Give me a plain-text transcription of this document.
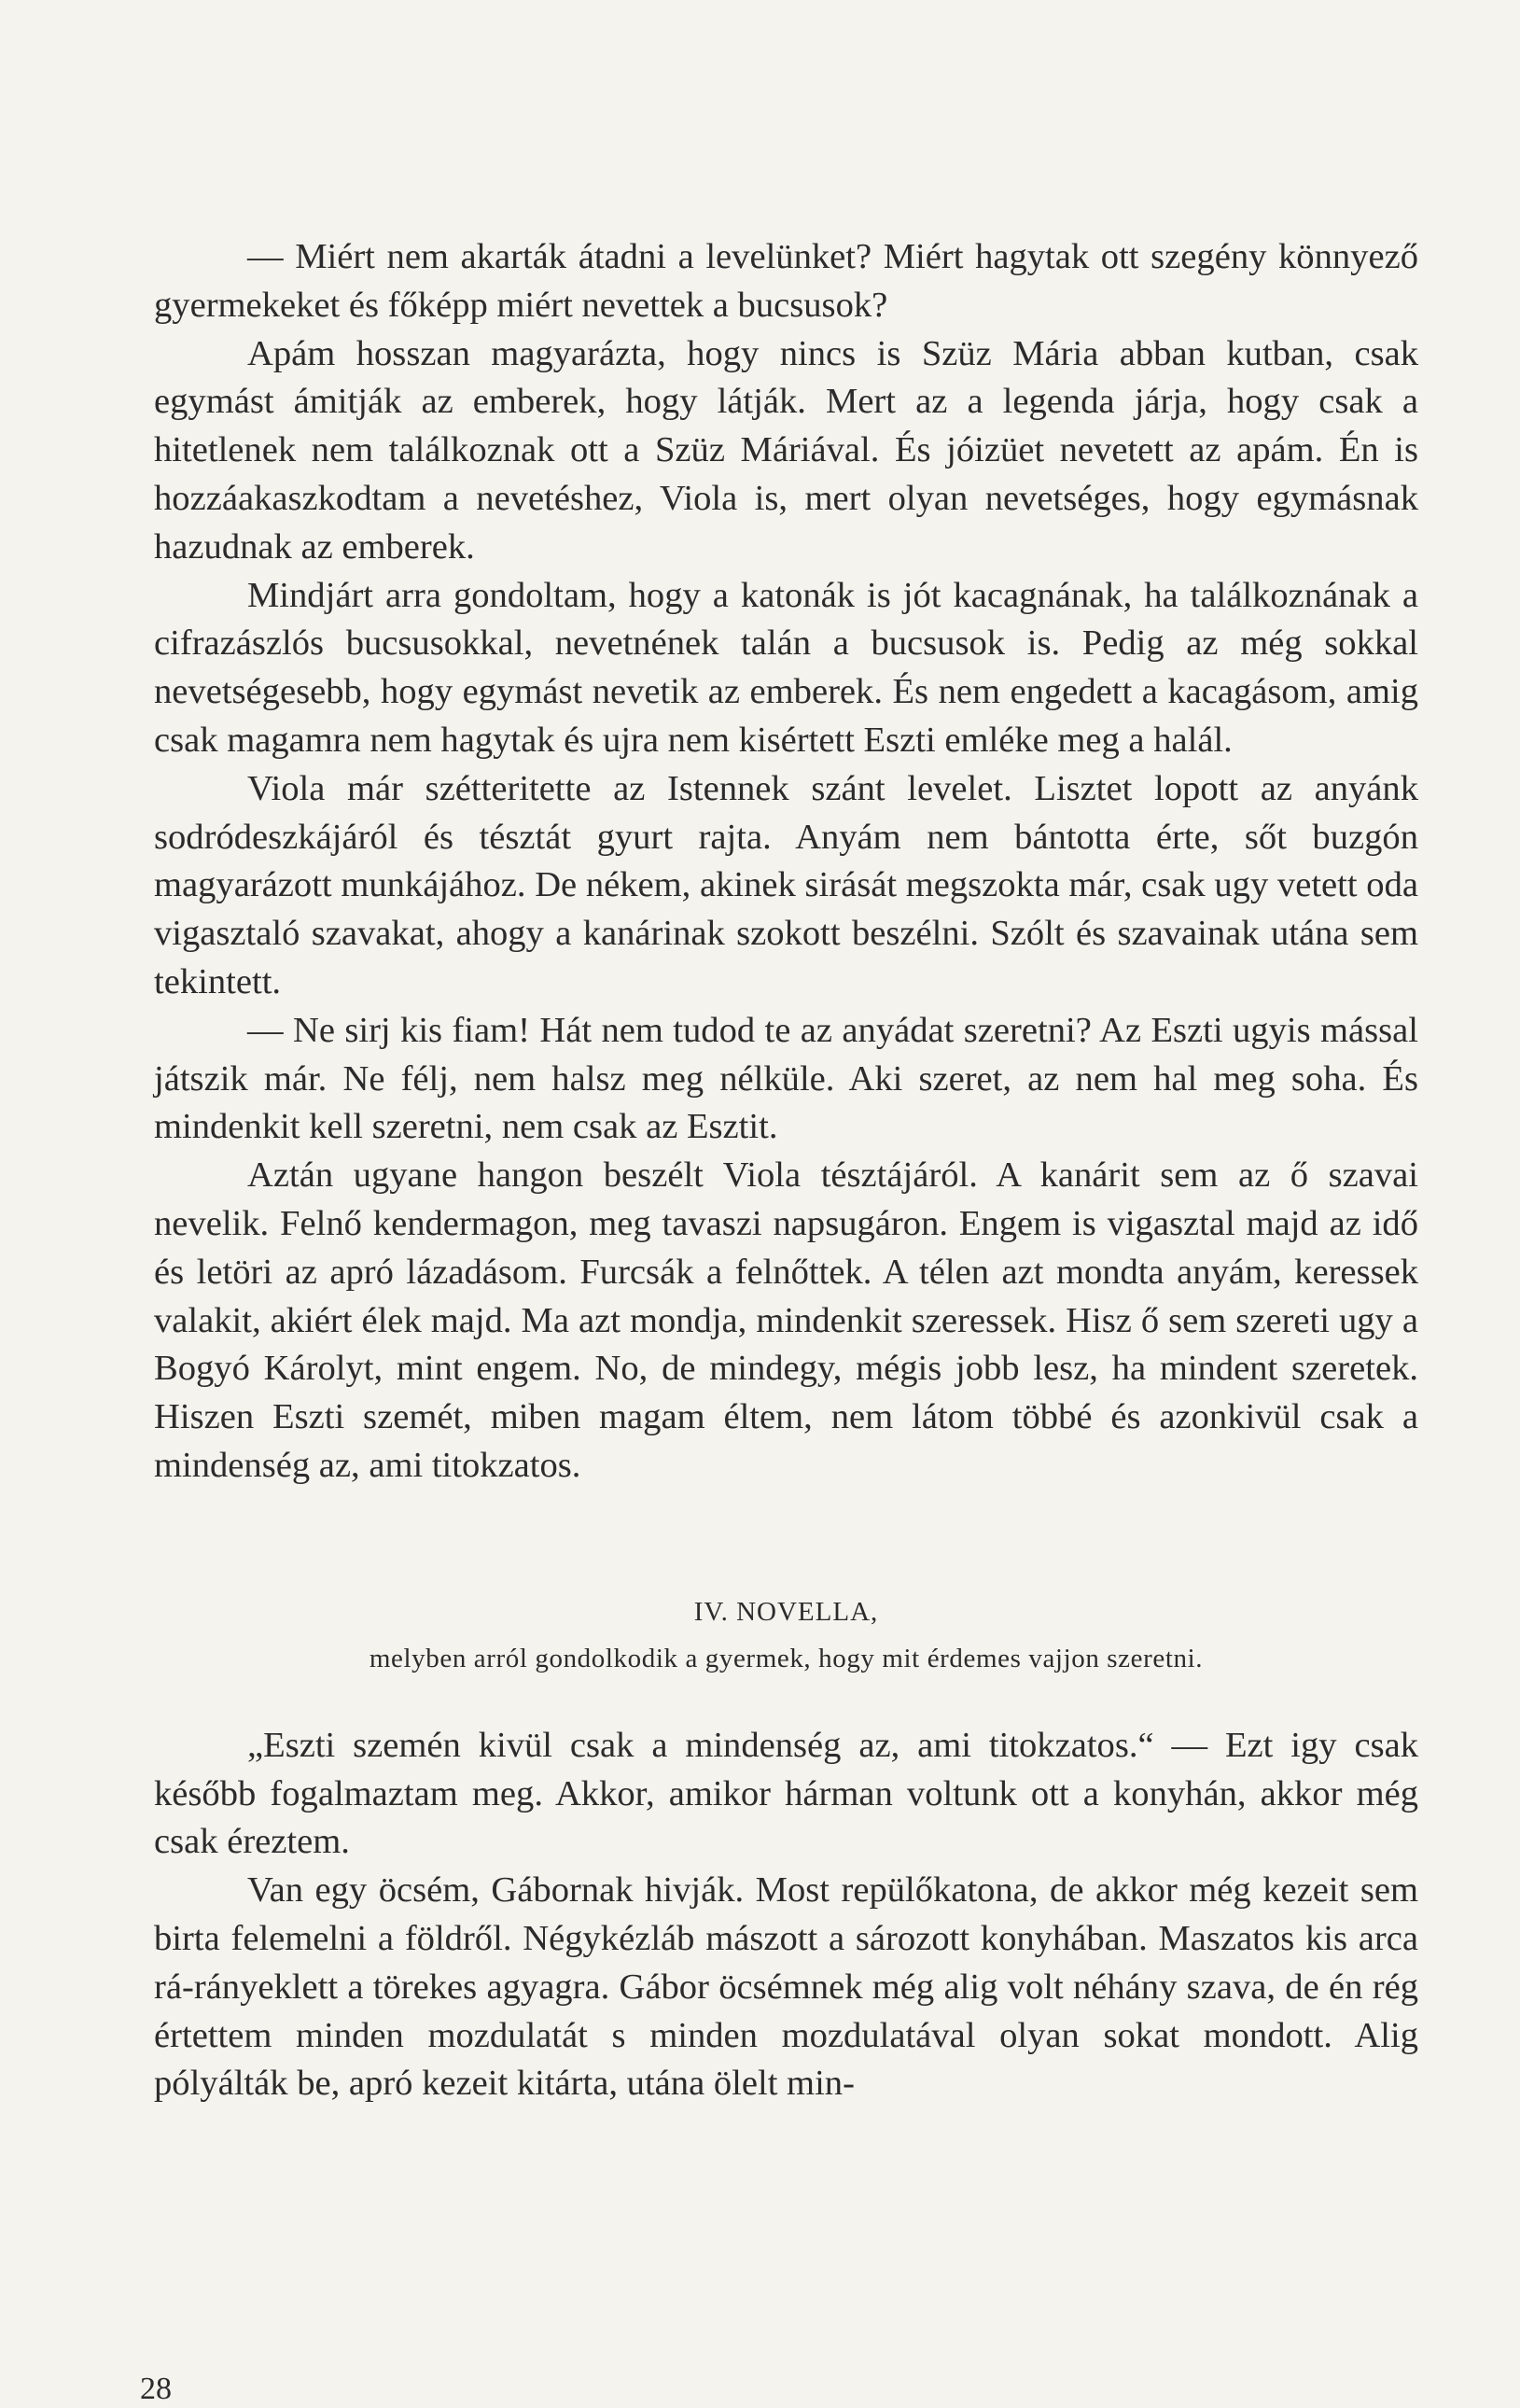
— Miért nem akarták átadni a levelünket? Miért hagytak ott szegény könnyező gyermekeket és főképp miért nevettek a bucsusok?

Apám hosszan magyarázta, hogy nincs is Szüz Mária abban kutban, csak egymást ámitják az emberek, hogy látják. Mert az a legenda járja, hogy csak a hitetlenek nem találkoznak ott a Szüz Máriával. És jóizüet nevetett az apám. Én is hozzáakaszkodtam a nevetéshez, Viola is, mert olyan nevetséges, hogy egymásnak hazudnak az emberek.

Mindjárt arra gondoltam, hogy a katonák is jót kacagnának, ha találkoznának a cifrazászlós bucsusokkal, nevetnének talán a bucsusok is. Pedig az még sokkal nevetségesebb, hogy egymást nevetik az emberek. És nem engedett a kacagásom, amig csak magamra nem hagytak és ujra nem kisértett Eszti emléke meg a halál.

Viola már szétteritette az Istennek szánt levelet. Lisztet lopott az anyánk sodródeszkájáról és tésztát gyurt rajta. Anyám nem bántotta érte, sőt buzgón magyarázott munkájához. De nékem, akinek sirását megszokta már, csak ugy vetett oda vigasztaló szavakat, ahogy a kanárinak szokott beszélni. Szólt és szavainak utána sem tekintett.

— Ne sirj kis fiam! Hát nem tudod te az anyádat szeretni? Az Eszti ugyis mással játszik már. Ne félj, nem halsz meg nélküle. Aki szeret, az nem hal meg soha. És mindenkit kell szeretni, nem csak az Esztit.

Aztán ugyane hangon beszélt Viola tésztájáról. A kanárit sem az ő szavai nevelik. Felnő kendermagon, meg tavaszi napsugáron. Engem is vigasztal majd az idő és letöri az apró lázadásom. Furcsák a felnőttek. A télen azt mondta anyám, keressek valakit, akiért élek majd. Ma azt mondja, mindenkit szeressek. Hisz ő sem szereti ugy a Bogyó Károlyt, mint engem. No, de mindegy, mégis jobb lesz, ha mindent szeretek. Hiszen Eszti szemét, miben magam éltem, nem látom többé és azonkivül csak a mindenség az, ami titokzatos.

IV. NOVELLA,
melyben arról gondolkodik a gyermek, hogy mit érdemes vajjon szeretni.

„Eszti szemén kivül csak a mindenség az, ami titokzatos.“ — Ezt igy csak később fogalmaztam meg. Akkor, amikor hárman voltunk ott a konyhán, akkor még csak éreztem.

Van egy öcsém, Gábornak hivják. Most repülőkatona, de akkor még kezeit sem birta felemelni a földről. Négykézláb mászott a sározott konyhában. Maszatos kis arca rá-rányeklett a törekes agyagra. Gábor öcsémnek még alig volt néhány szava, de én rég értettem minden mozdulatát s minden mozdulatával olyan sokat mondott. Alig pólyálták be, apró kezeit kitárta, utána ölelt min-

28
